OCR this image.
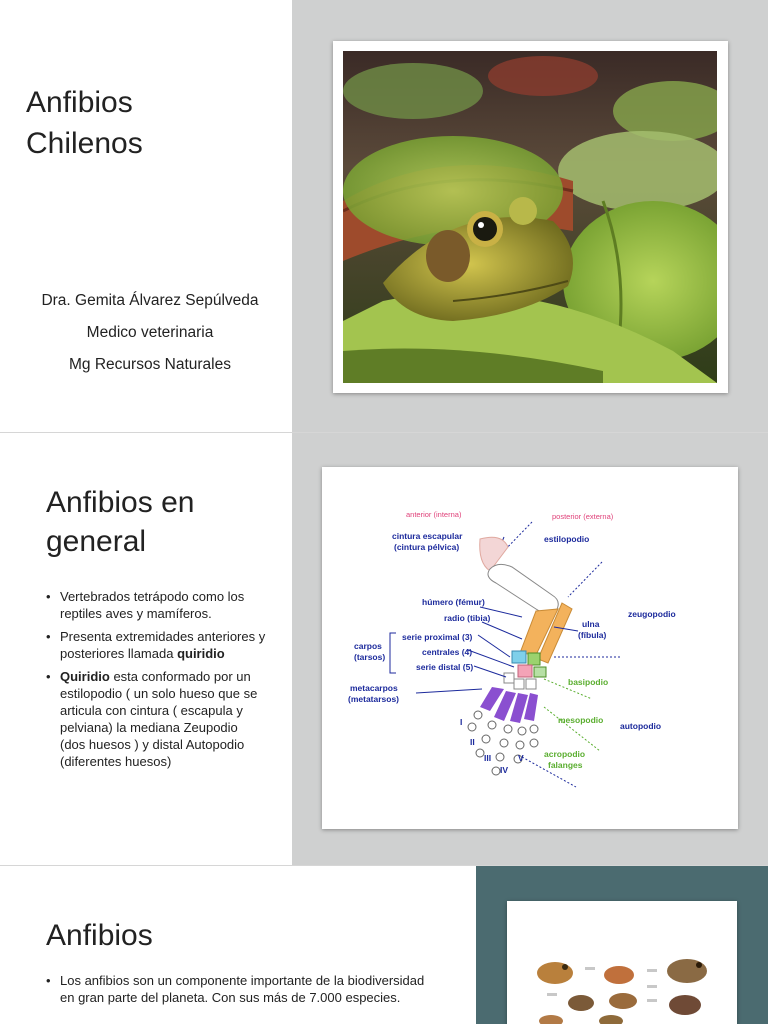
Anfibios
Chilenos
Dra. Gemita Álvarez Sepúlveda
Medico veterinaria
Mg Recursos Naturales
Anfibios en
general
• Vertebrados tetrápodo como los reptiles aves y mamíferos.
• Presenta extremidades anteriores y posteriores llamada quiridio
• Quiridio esta conformado por un estilopodio ( un solo hueso que se articula con cintura ( escapula y pelviana) la mediana Zeupodio (dos huesos ) y distal Autopodio (diferentes huesos)
anterior (interna)	posterior (externa)
cintura escapular
(cintura pélvica)
estilopodio
húmero (fémur)
radio (tibia)
ulna
(fíbula)
zeugopodio
carpos
(tarsos)
serie proximal (3)
centrales (4)
serie distal (5)
basipodio
metacarpos
(metatarsos)
mesopodio
autopodio
acropodio
falanges
I
II
III
IV
V
Anfibios
• Los anfibios son un componente importante de la biodiversidad en gran parte del planeta. Con sus más de 7.000 especies.
